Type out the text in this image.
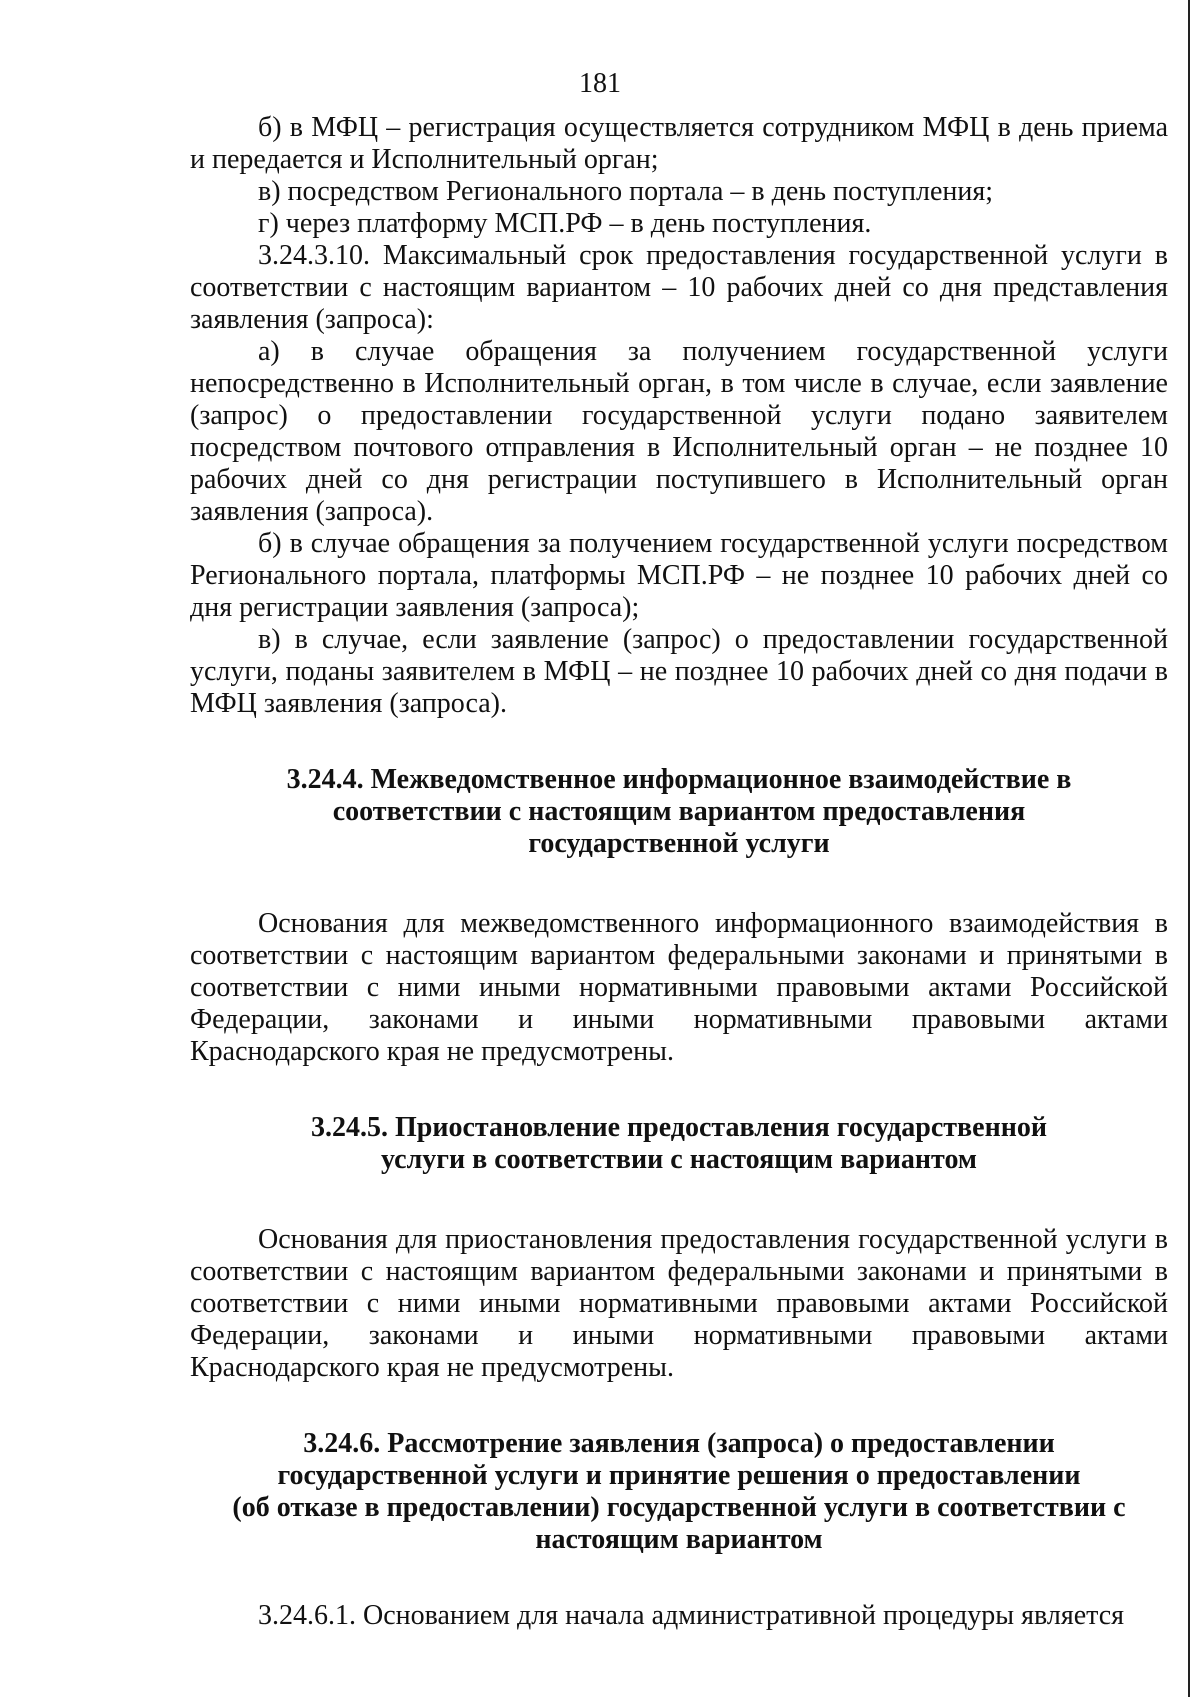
181

б) в МФЦ – регистрация осуществляется сотрудником МФЦ в день приема и передается и Исполнительный орган;

в) посредством Регионального портала – в день поступления;

г) через платформу МСП.РФ – в день поступления.

3.24.3.10. Максимальный срок предоставления государственной услуги в соответствии с настоящим вариантом – 10 рабочих дней со дня представления заявления (запроса):

а) в случае обращения за получением государственной услуги непосредственно в Исполнительный орган, в том числе в случае, если заявление (запрос) о предоставлении государственной услуги подано заявителем посредством почтового отправления в Исполнительный орган – не позднее 10 рабочих дней со дня регистрации поступившего в Исполнительный орган заявления (запроса).

б) в случае обращения за получением государственной услуги посредством Регионального портала, платформы МСП.РФ – не позднее 10 рабочих дней со дня регистрации заявления (запроса);

в) в случае, если заявление (запрос) о предоставлении государственной услуги, поданы заявителем в МФЦ – не позднее 10 рабочих дней со дня подачи в МФЦ заявления (запроса).

3.24.4. Межведомственное информационное взаимодействие в
соответствии с настоящим вариантом предоставления
государственной услуги

Основания для межведомственного информационного взаимодействия в соответствии с настоящим вариантом федеральными законами и принятыми в соответствии с ними иными нормативными правовыми актами Российской Федерации, законами и иными нормативными правовыми актами Краснодарского края не предусмотрены.

3.24.5. Приостановление предоставления государственной
услуги в соответствии с настоящим вариантом

Основания для приостановления предоставления государственной услуги в соответствии с настоящим вариантом федеральными законами и принятыми в соответствии с ними иными нормативными правовыми актами Российской Федерации, законами и иными нормативными правовыми актами Краснодарского края не предусмотрены.

3.24.6. Рассмотрение заявления (запроса) о предоставлении
государственной услуги и принятие решения о предоставлении
(об отказе в предоставлении) государственной услуги в соответствии с
настоящим вариантом

3.24.6.1. Основанием для начала административной процедуры является
